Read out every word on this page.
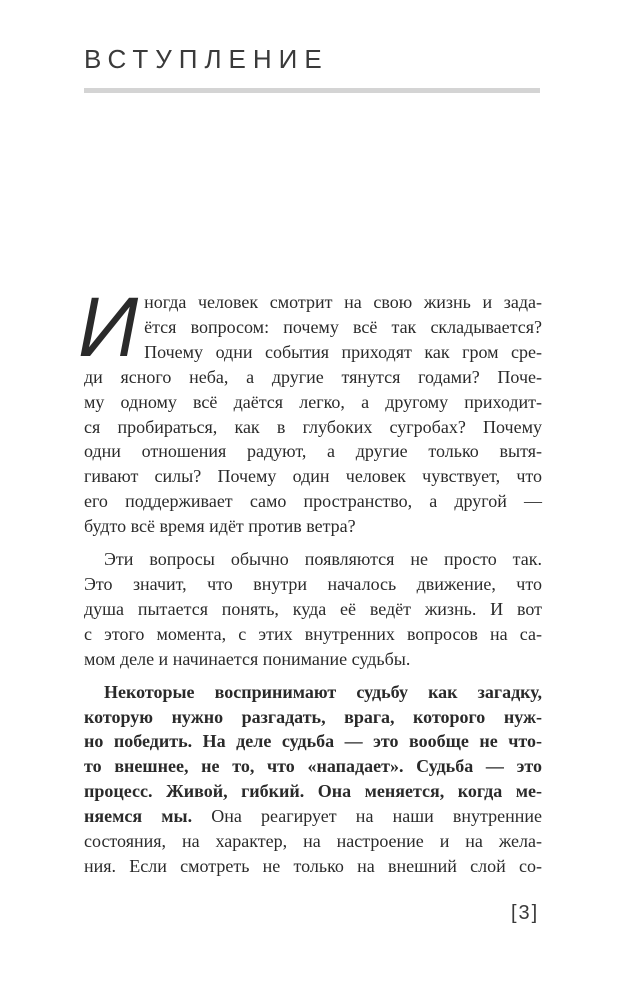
ВСТУПЛЕНИЕ

И ногда человек смотрит на свою жизнь и зада-
ётся вопросом: почему всё так складывается?
Почему одни события приходят как гром сре-
ди ясного неба, а другие тянутся годами? Поче-
му одному всё даётся легко, а другому приходит-
ся пробираться, как в глубоких сугробах? Почему
одни отношения радуют, а другие только вытя-
гивают силы? Почему один человек чувствует, что
его поддерживает само пространство, а другой —
будто всё время идёт против ветра?

Эти вопросы обычно появляются не просто так.
Это значит, что внутри началось движение, что
душа пытается понять, куда её ведёт жизнь. И вот
с этого момента, с этих внутренних вопросов на са-
мом деле и начинается понимание судьбы.

Некоторые воспринимают судьбу как загадку,
которую нужно разгадать, врага, которого нуж-
но победить. На деле судьба — это вообще не что-
то внешнее, не то, что «нападает». Судьба — это
процесс. Живой, гибкий. Она меняется, когда ме-
няемся мы. Она реагирует на наши внутренние
состояния, на характер, на настроение и на жела-
ния. Если смотреть не только на внешний слой со-

[3]
